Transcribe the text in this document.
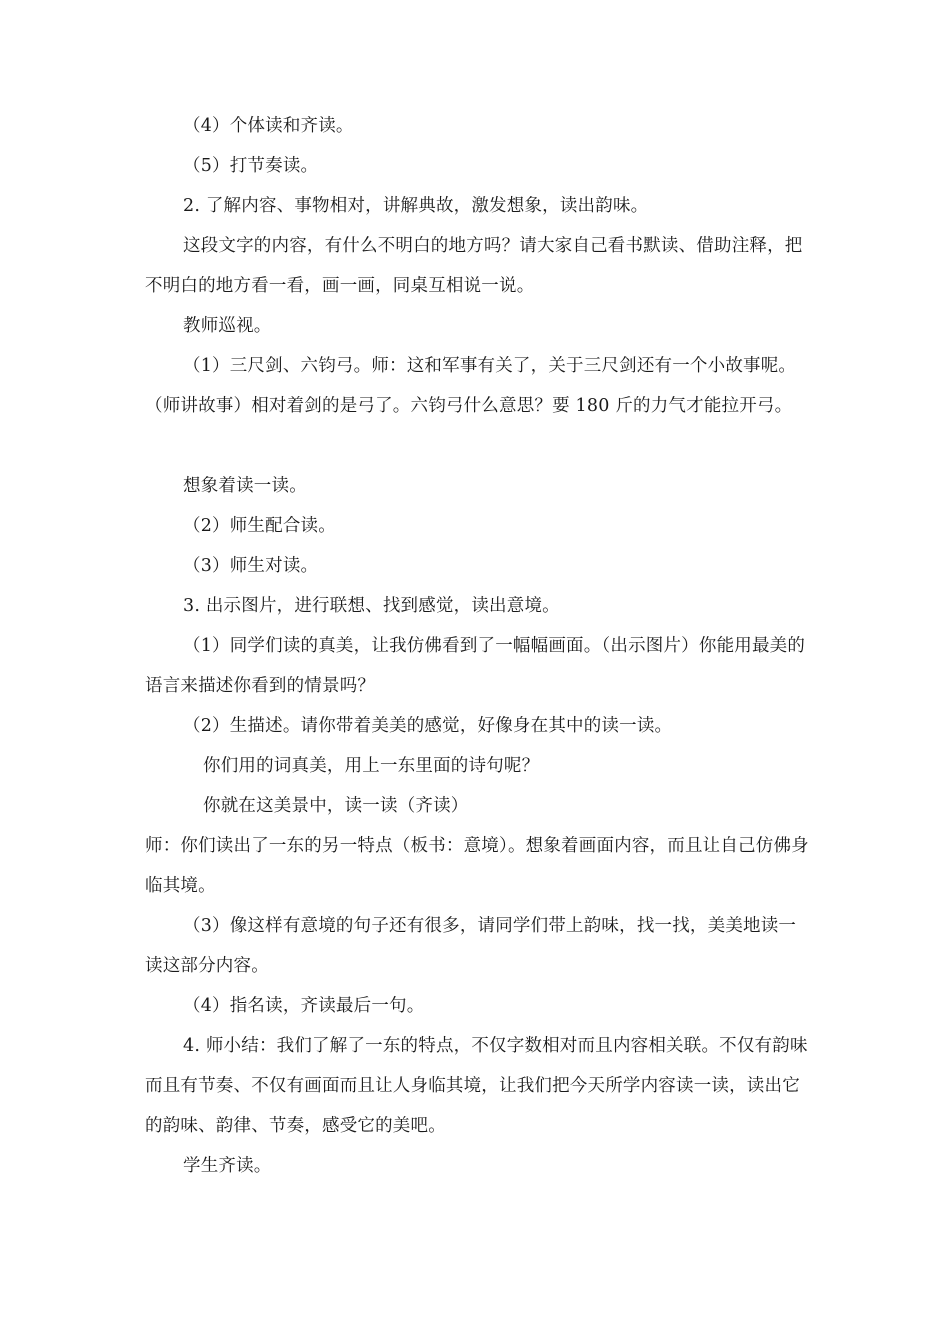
（4）个体读和齐读。

（5）打节奏读。

2. 了解内容、事物相对，讲解典故，激发想象，读出韵味。

这段文字的内容，有什么不明白的地方吗？请大家自己看书默读、借助注释，把不明白的地方看一看，画一画，同桌互相说一说。

教师巡视。

（1）三尺剑、六钧弓。师：这和军事有关了，关于三尺剑还有一个小故事呢。（师讲故事）相对着剑的是弓了。六钧弓什么意思？要 180 斤的力气才能拉开弓。

想象着读一读。

（2）师生配合读。

（3）师生对读。

3. 出示图片，进行联想、找到感觉，读出意境。

（1）同学们读的真美，让我仿佛看到了一幅幅画面。（出示图片）你能用最美的语言来描述你看到的情景吗？

（2）生描述。请你带着美美的感觉，好像身在其中的读一读。

你们用的词真美，用上一东里面的诗句呢？

你就在这美景中，读一读（齐读）

师：你们读出了一东的另一特点（板书：意境）。想象着画面内容，而且让自己仿佛身临其境。

（3）像这样有意境的句子还有很多，请同学们带上韵味，找一找，美美地读一读这部分内容。

（4）指名读，齐读最后一句。

4. 师小结：我们了解了一东的特点，不仅字数相对而且内容相关联。不仅有韵味而且有节奏、不仅有画面而且让人身临其境，让我们把今天所学内容读一读，读出它的韵味、韵律、节奏，感受它的美吧。

学生齐读。
